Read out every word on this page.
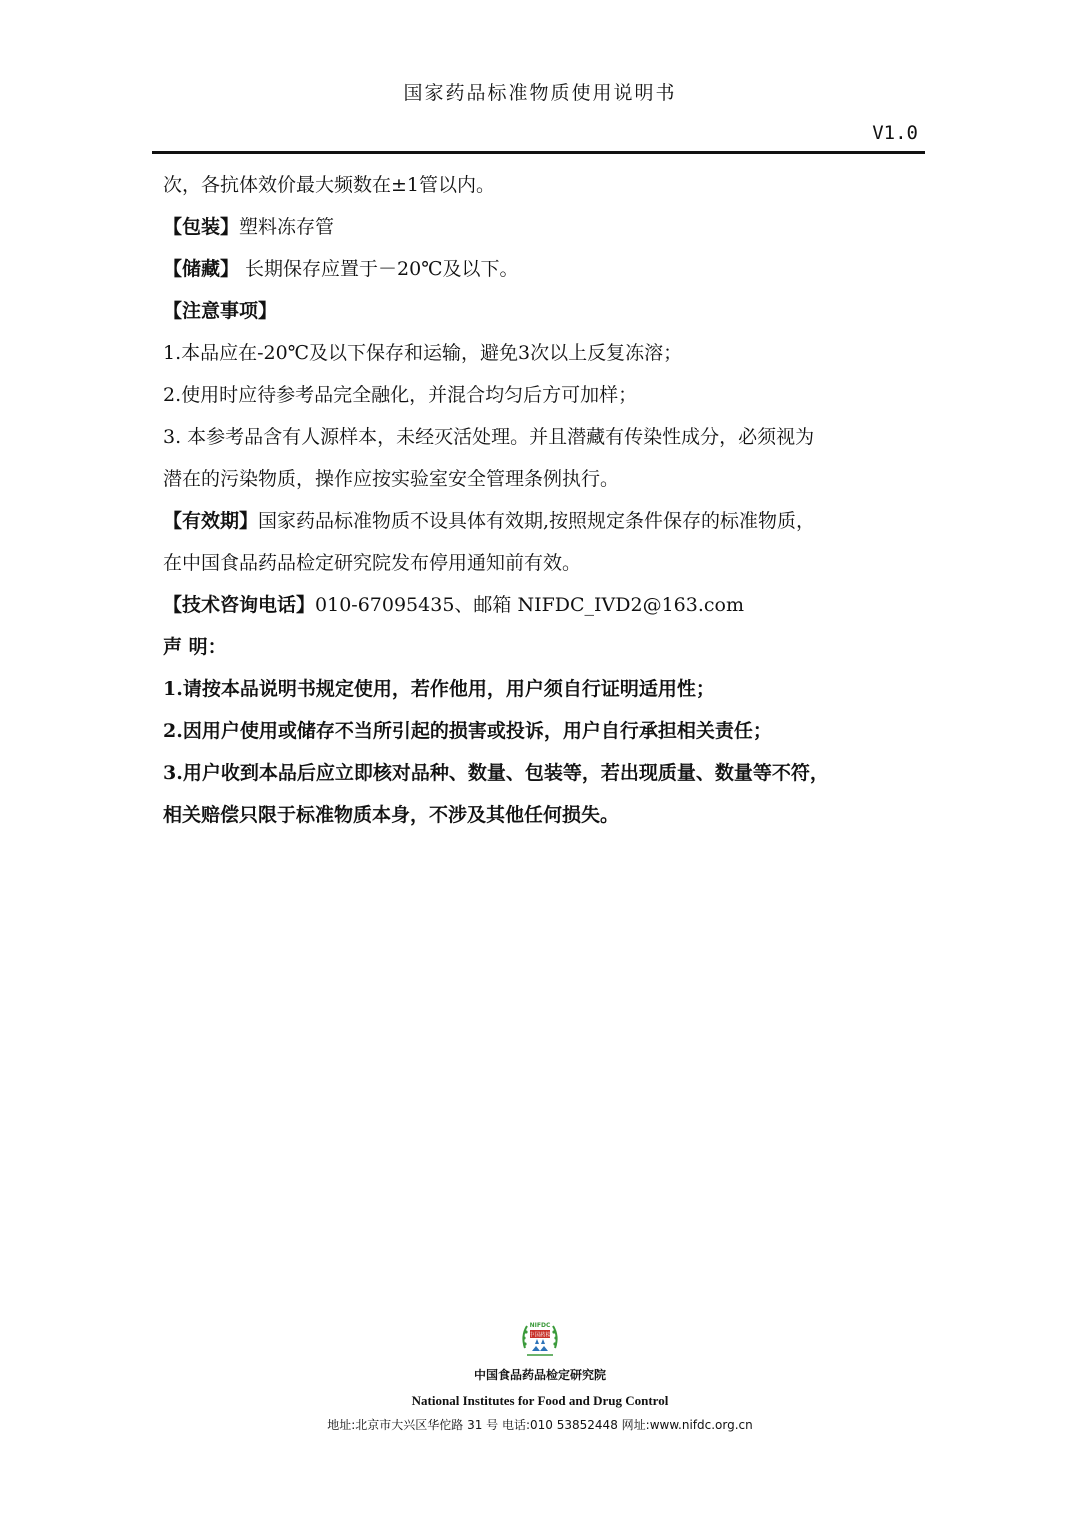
国家药品标准物质使用说明书
V1.0
次，各抗体效价最大频数在±1管以内。
【包装】塑料冻存管
【储藏】 长期保存应置于－20℃及以下。
【注意事项】
1.本品应在-20℃及以下保存和运输，避免3次以上反复冻溶；
2.使用时应待参考品完全融化，并混合均匀后方可加样；
3. 本参考品含有人源样本，未经灭活处理。并且潜藏有传染性成分，必须视为
潜在的污染物质，操作应按实验室安全管理条例执行。
【有效期】国家药品标准物质不设具体有效期,按照规定条件保存的标准物质，
在中国食品药品检定研究院发布停用通知前有效。
【技术咨询电话】010-67095435、邮箱 NIFDC_IVD2@163.com
声 明：
1.请按本品说明书规定使用，若作他用，用户须自行证明适用性；
2.因用户使用或储存不当所引起的损害或投诉，用户自行承担相关责任；
3.用户收到本品后应立即核对品种、数量、包装等，若出现质量、数量等不符，
相关赔偿只限于标准物质本身，不涉及其他任何损失。
NIFDC
中国药检
中国食品药品检定研究院
National Institutes for Food and Drug Control
地址:北京市大兴区华佗路 31 号 电话:010 53852448 网址:www.nifdc.org.cn
